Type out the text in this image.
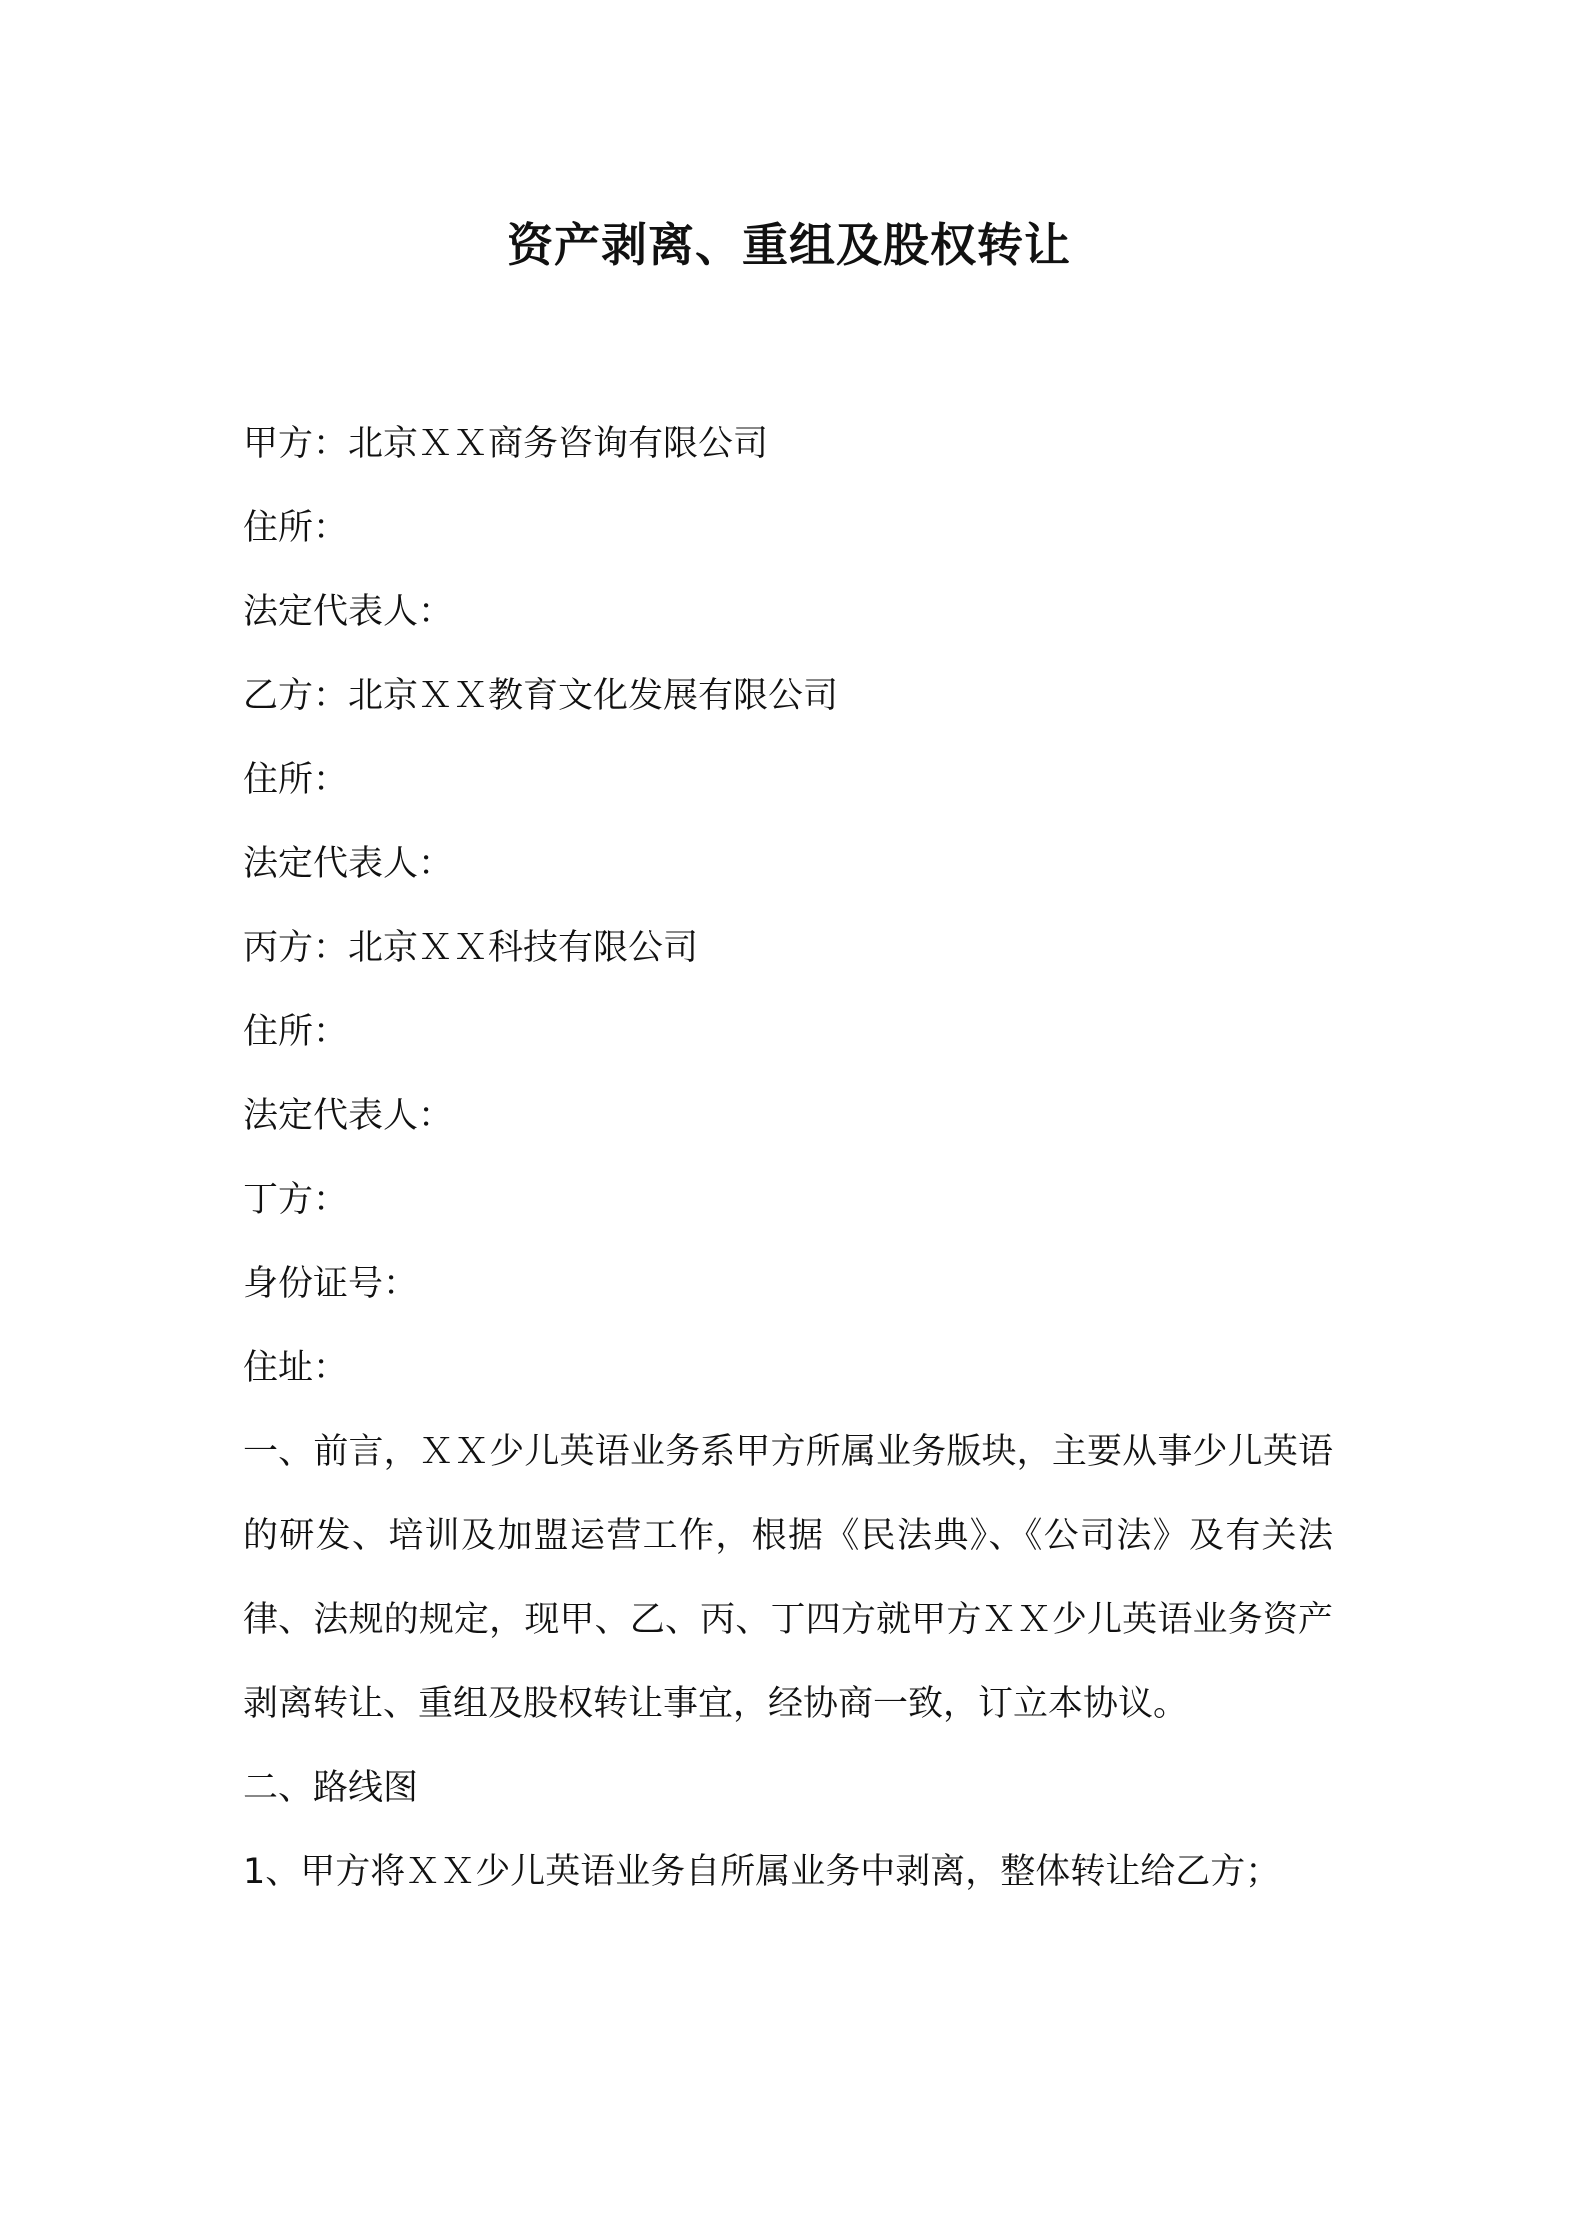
资产剥离、重组及股权转让

甲方：北京ＸＸ商务咨询有限公司

住所：

法定代表人：

乙方：北京ＸＸ教育文化发展有限公司

住所：

法定代表人：

丙方：北京ＸＸ科技有限公司

住所：

法定代表人：

丁方：

身份证号：

住址：

一、前言，ＸＸ少儿英语业务系甲方所属业务版块，主要从事少儿英语的研发、培训及加盟运营工作，根据《民法典》、《公司法》及有关法律、法规的规定，现甲、乙、丙、丁四方就甲方ＸＸ少儿英语业务资产剥离转让、重组及股权转让事宜，经协商一致，订立本协议。

二、路线图

1、甲方将ＸＸ少儿英语业务自所属业务中剥离，整体转让给乙方；
